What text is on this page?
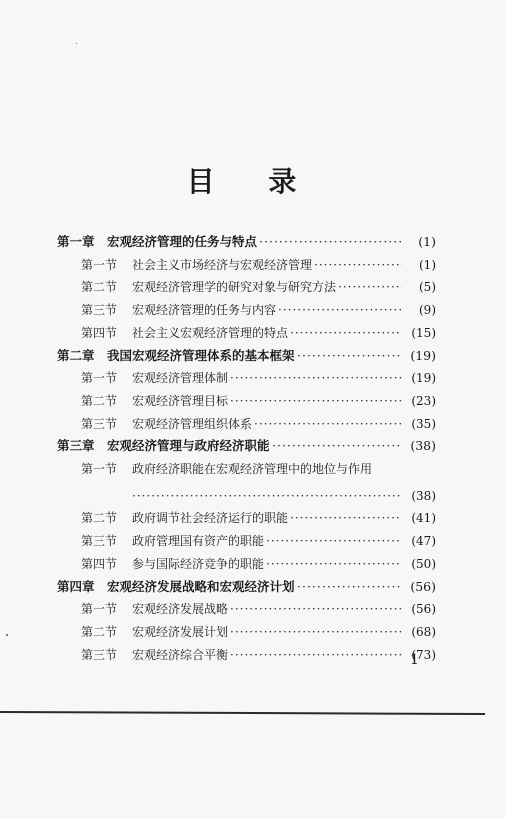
目 录
第一章 宏观经济管理的任务与特点 ·····	( 1 )
第一节 社会主义市场经济与宏观经济管理 ·····	( 1 )
第二节 宏观经济管理学的研究对象与研究方法 ·····	( 5 )
第三节 宏观经济管理的任务与内容 ·····	( 9 )
第四节 社会主义宏观经济管理的特点 ·····	( 15 )
第二章 我国宏观经济管理体系的基本框架 ·····	( 19 )
第一节 宏观经济管理体制 ·····	( 19 )
第二节 宏观经济管理目标 ·····	( 23 )
第三节 宏观经济管理组织体系 ·····	( 35 )
第三章 宏观经济管理与政府经济职能 ·····	( 38 )
第一节 政府经济职能在宏观经济管理中的地位与作用
·····
( 38 )
第二节 政府调节社会经济运行的职能 ·····	( 41 )
第三节 政府管理国有资产的职能 ·····	( 47 )
第四节 参与国际经济竞争的职能 ·····	( 50 )
第四章 宏观经济发展战略和宏观经济计划 ·····	( 56 )
第一节 宏观经济发展战略 ·····	( 56 )
第二节 宏观经济发展计划 ·····	( 68 )
第三节 宏观经济综合平衡 ·····	( 73 )
1
